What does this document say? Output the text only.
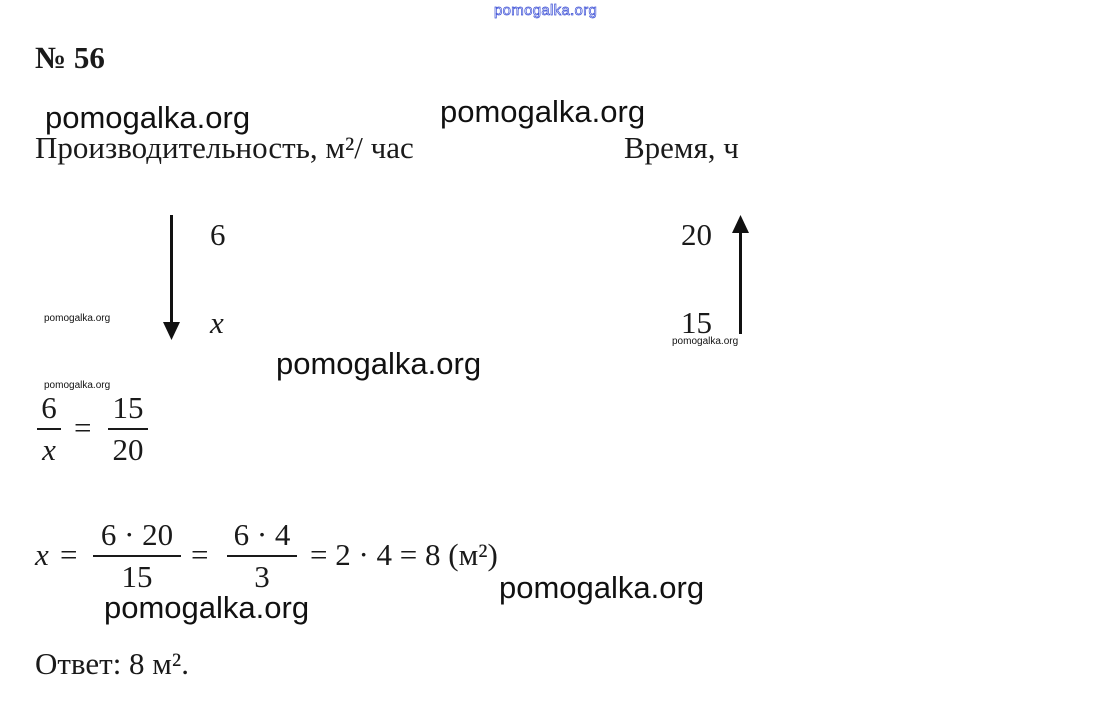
pomogalka.org
№ 56
Производительность, м²/ час	Время, ч
6
x
20
15
6
x
=
15
20
x =
6 · 20
15
=
6 · 4
3
= 2 · 4 = 8 (м²)
Ответ: 8 м².
pomogalka.org	pomogalka.org
pomogalka.org
pomogalka.org
pomogalka.org
pomogalka.org
pomogalka.org
pomogalka.org
